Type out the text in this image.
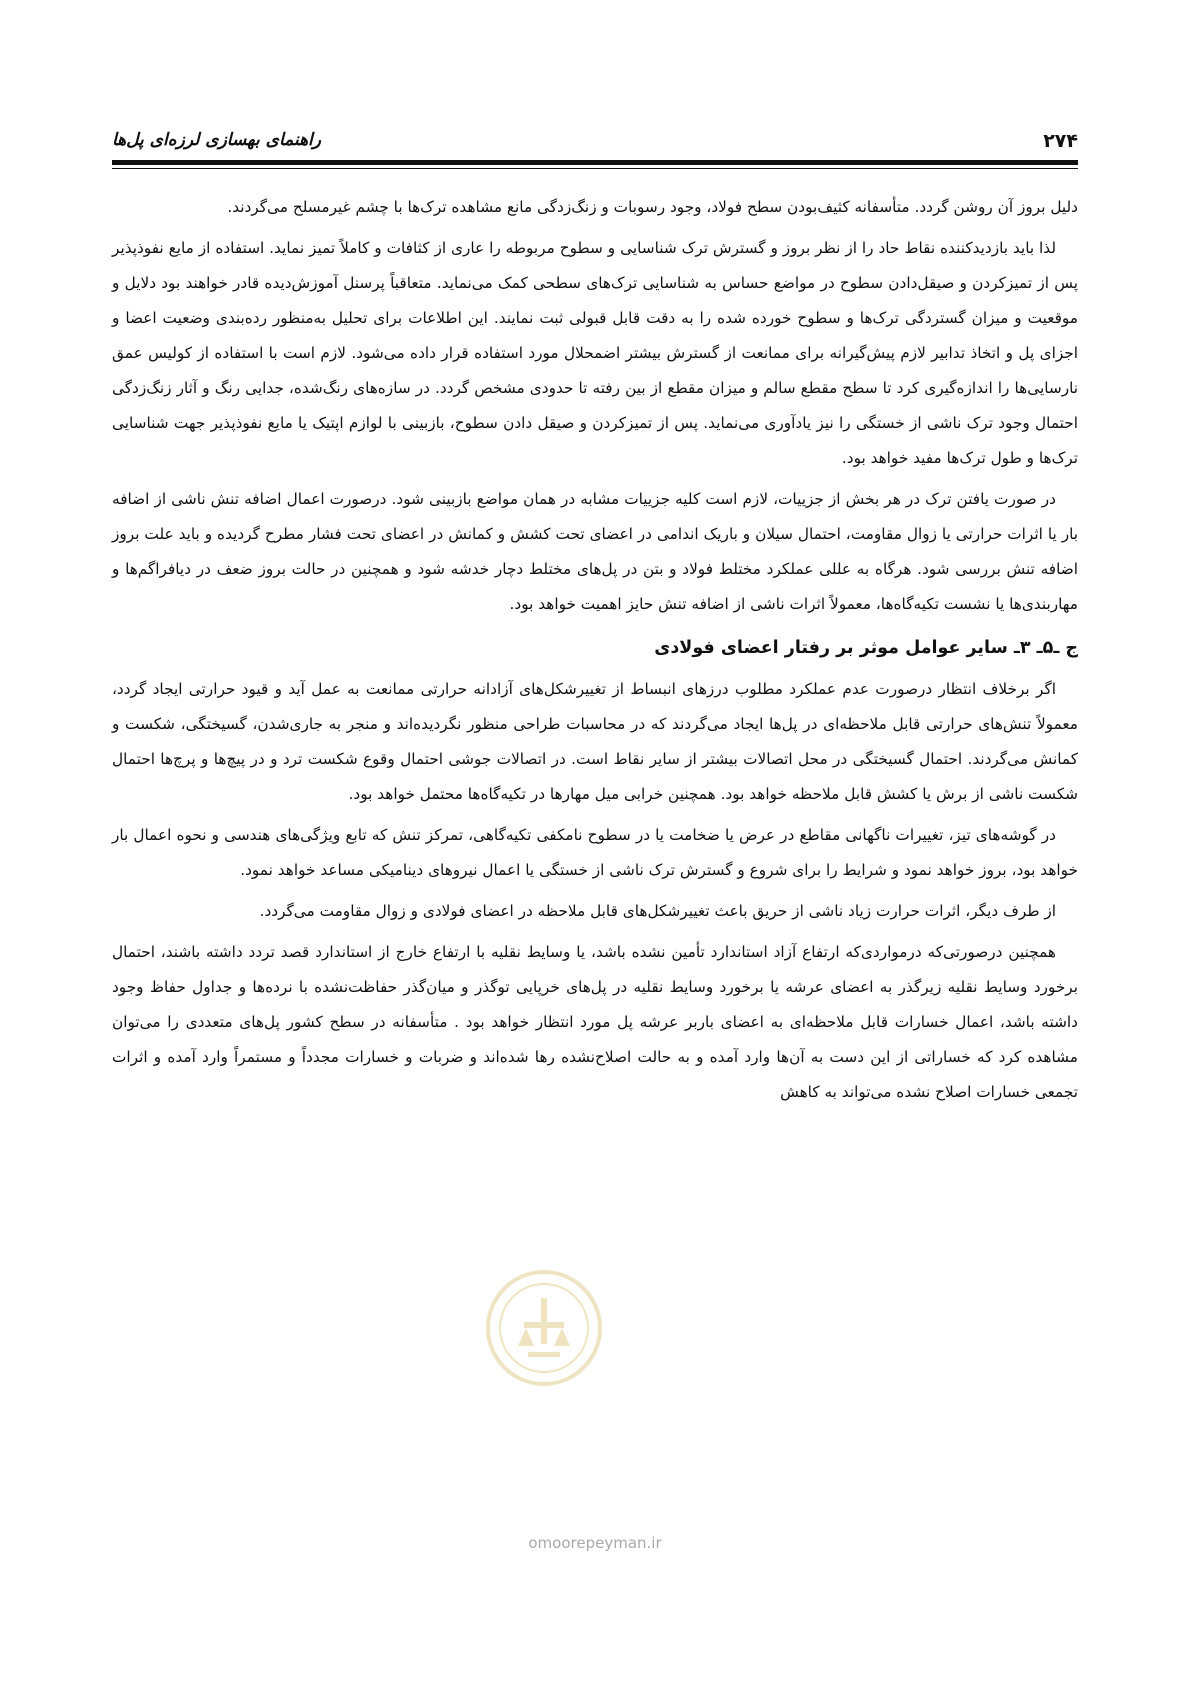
۲۷۴
راهنمای بهسازی لرزه‌ای پل‌ها

دلیل بروز آن روشن گردد. متأسفانه کثیف‌بودن سطح فولاد، وجود رسوبات و زنگ‌زدگی مانع مشاهده ترک‌ها با چشم غیرمسلح می‌گردند.

لذا باید بازدیدکننده نقاط حاد را از نظر بروز و گسترش ترک شناسایی و سطوح مربوطه را عاری از کثافات و کاملاً تمیز نماید. استفاده از مایع نفوذپذیر پس از تمیزکردن و صیقل‌دادن سطوح در مواضع حساس به شناسایی ترک‌های سطحی کمک می‌نماید. متعاقباً پرسنل آموزش‌دیده قادر خواهند بود دلایل و موقعیت و میزان گستردگی ترک‌ها و سطوح خورده شده را به دقت قابل قبولی ثبت نمایند. این اطلاعات برای تحلیل به‌منظور رده‌بندی وضعیت اعضا و اجزای پل و اتخاذ تدابیر لازم پیش‌گیرانه برای ممانعت از گسترش بیشتر اضمحلال مورد استفاده قرار داده می‌شود. لازم است با استفاده از کولیس عمق نارسایی‌ها را اندازه‌گیری کرد تا سطح مقطع سالم و میزان مقطع از بین رفته تا حدودی مشخص گردد. در سازه‌های رنگ‌شده، جدایی رنگ و آثار زنگ‌زدگی احتمال وجود ترک ناشی از خستگی را نیز یادآوری می‌نماید. پس از تمیزکردن و صیقل دادن سطوح، بازبینی با لوازم اپتیک یا مایع نفوذپذیر جهت شناسایی ترک‌ها و طول ترک‌ها مفید خواهد بود.

در صورت یافتن ترک در هر بخش از جزییات، لازم است کلیه جزییات مشابه در همان مواضع بازبینی شود. درصورت اعمال اضافه تنش ناشی از اضافه بار یا اثرات حرارتی یا زوال مقاومت، احتمال سیلان و باریک اندامی در اعضای تحت کشش و کمانش در اعضای تحت فشار مطرح گردیده و باید علت بروز اضافه تنش بررسی شود. هرگاه به عللی عملکرد مختلط فولاد و بتن در پل‌های مختلط دچار خدشه شود و همچنین در حالت بروز ضعف در دیافراگم‌ها و مهاربندی‌ها یا نشست تکیه‌گاه‌ها، معمولاً اثرات ناشی از اضافه تنش حایز اهمیت خواهد بود.

ج ـ۵ـ ۳ـ سایر عوامل موثر بر رفتار اعضای فولادی

اگر برخلاف انتظار درصورت عدم عملکرد مطلوب درزهای انبساط از تغییرشکل‌های آزادانه حرارتی ممانعت به عمل آید و قیود حرارتی ایجاد گردد، معمولاً تنش‌های حرارتی قابل ملاحظه‌ای در پل‌ها ایجاد می‌گردند که در محاسبات طراحی منظور نگردیده‌اند و منجر به جاری‌شدن، گسیختگی، شکست و کمانش می‌گردند. احتمال گسیختگی در محل اتصالات بیشتر از سایر نقاط است. در اتصالات جوشی احتمال وقوع شکست ترد و در پیچ‌ها و پرچ‌ها احتمال شکست ناشی از برش یا کشش قابل ملاحظه خواهد بود. همچنین خرابی میل مهارها در تکیه‌گاه‌ها محتمل خواهد بود.

در گوشه‌های تیز، تغییرات ناگهانی مقاطع در عرض یا ضخامت یا در سطوح نامکفی تکیه‌گاهی، تمرکز تنش که تابع ویژگی‌های هندسی و نحوه اعمال بار خواهد بود، بروز خواهد نمود و شرایط را برای شروع و گسترش ترک ناشی از خستگی یا اعمال نیروهای دینامیکی مساعد خواهد نمود.

از طرف دیگر، اثرات حرارت زیاد ناشی از حریق باعث تغییرشکل‌های قابل ملاحظه در اعضای فولادی و زوال مقاومت می‌گردد.

همچنین درصورتی‌که درمواردی‌که ارتفاع آزاد استاندارد تأمین نشده باشد، یا وسایط نقلیه با ارتفاع خارج از استاندارد قصد تردد داشته باشند، احتمال برخورد وسایط نقلیه زیرگذر به اعضای عرشه یا برخورد وسایط نقلیه در پل‌های خرپایی توگذر و میان‌گذر حفاظت‌نشده با نرده‌ها و جداول حفاظ وجود داشته باشد، اعمال خسارات قابل ملاحظه‌ای به اعضای باربر عرشه پل مورد انتظار خواهد بود . متأسفانه در سطح کشور پل‌های متعددی را می‌توان مشاهده کرد که خساراتی از این دست به آن‌ها وارد آمده و به حالت اصلاح‌نشده رها شده‌اند و ضربات و خسارات مجدداً و مستمراً وارد آمده و اثرات تجمعی خسارات اصلاح نشده می‌تواند به کاهش

omoorepeyman.ir
